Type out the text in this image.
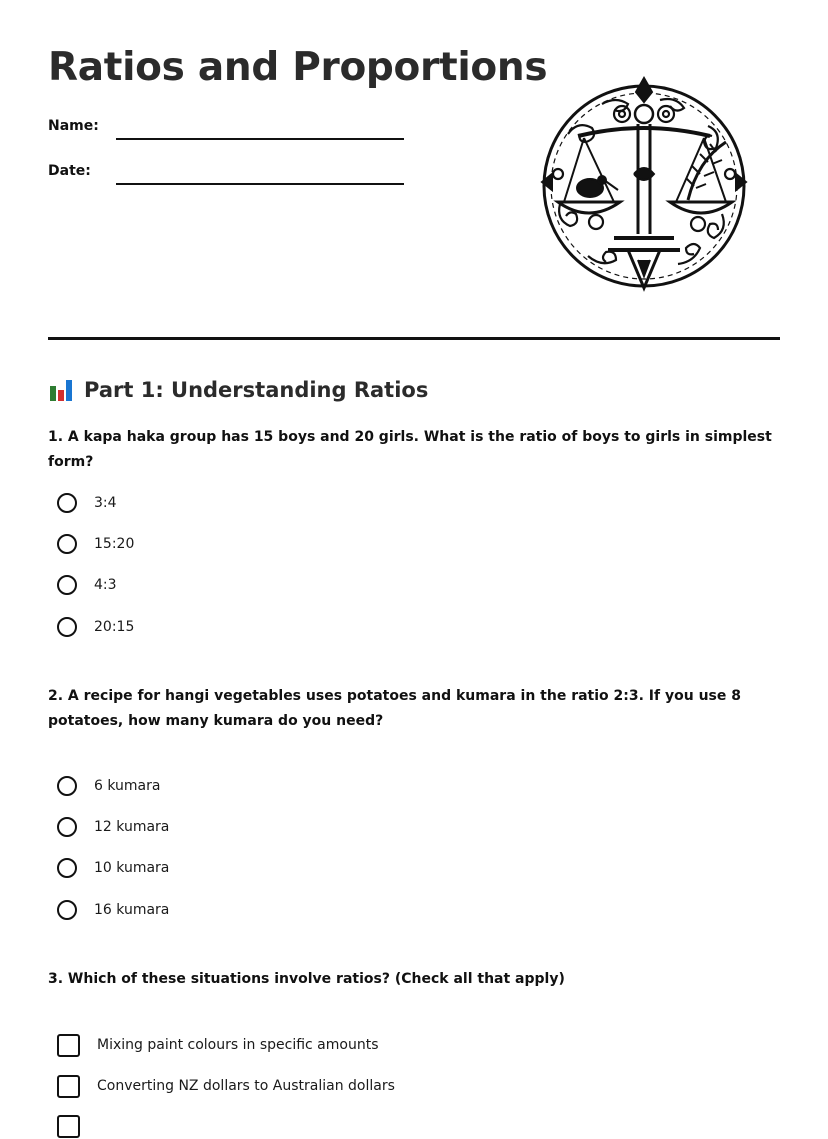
Ratios and Proportions
Name:
Date:
Part 1: Understanding Ratios

1. A kapa haka group has 15 boys and 20 girls. What is the ratio of boys to girls in simplest form?

3:4
15:20
4:3
20:15

2. A recipe for hangi vegetables uses potatoes and kumara in the ratio 2:3. If you use 8 potatoes, how many kumara do you need?

6 kumara
12 kumara
10 kumara
16 kumara

3. Which of these situations involve ratios? (Check all that apply)

Mixing paint colours in specific amounts
Converting NZ dollars to Australian dollars
